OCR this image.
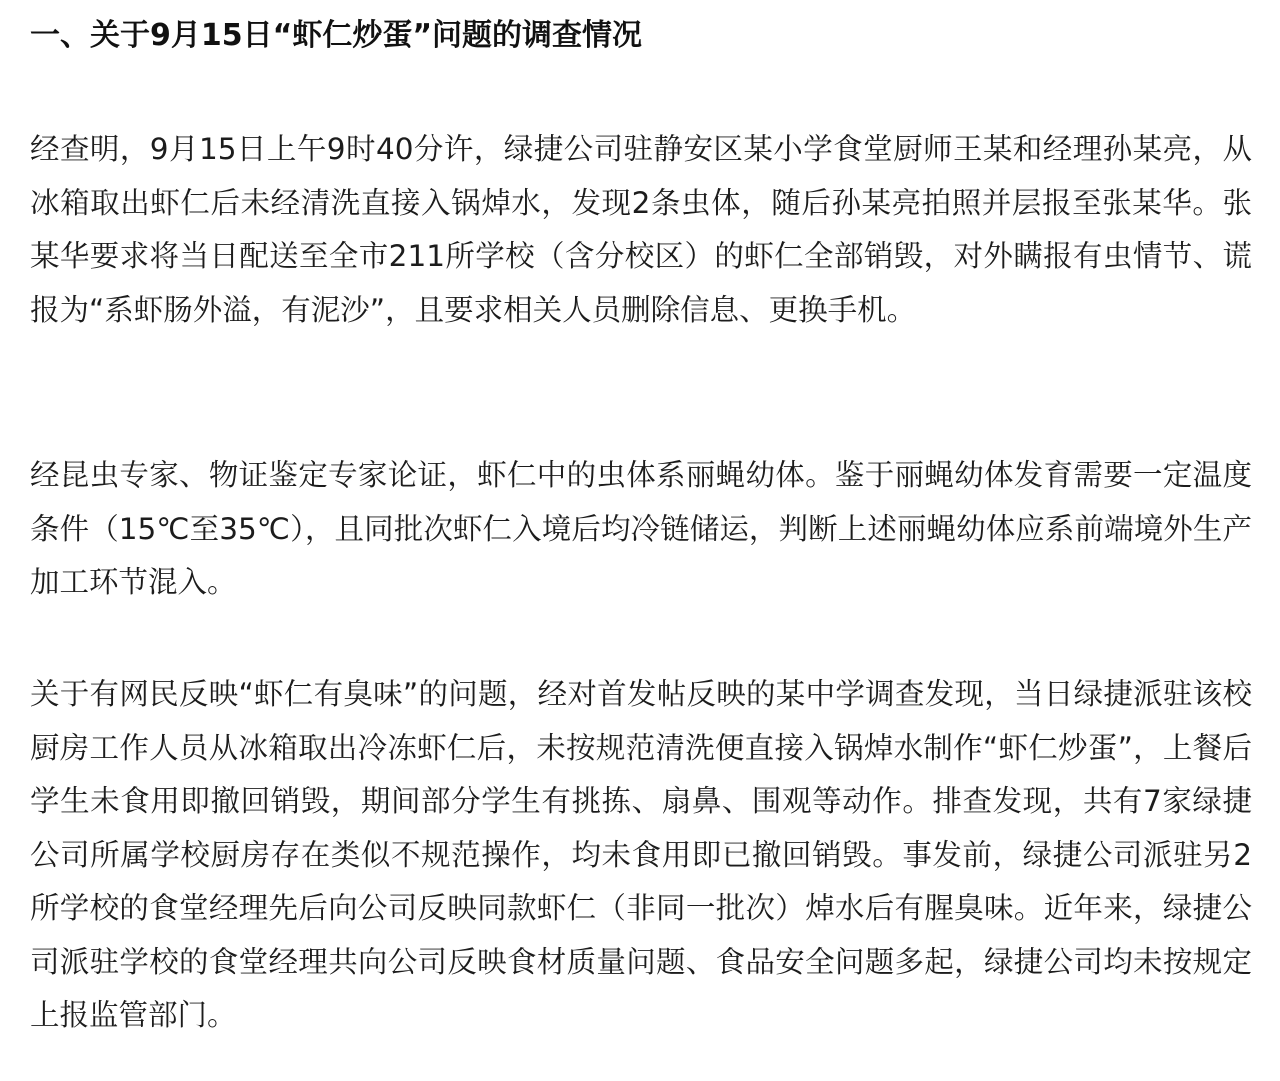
一、关于9月15日“虾仁炒蛋”问题的调查情况

经查明，9月15日上午9时40分许，绿捷公司驻静安区某小学食堂厨师王某和经理孙某亮，从冰箱取出虾仁后未经清洗直接入锅焯水，发现2条虫体，随后孙某亮拍照并层报至张某华。张某华要求将当日配送至全市211所学校（含分校区）的虾仁全部销毁，对外瞒报有虫情节、谎报为“系虾肠外溢，有泥沙”，且要求相关人员删除信息、更换手机。

经昆虫专家、物证鉴定专家论证，虾仁中的虫体系丽蝇幼体。鉴于丽蝇幼体发育需要一定温度条件（15℃至35℃），且同批次虾仁入境后均冷链储运，判断上述丽蝇幼体应系前端境外生产加工环节混入。

关于有网民反映“虾仁有臭味”的问题，经对首发帖反映的某中学调查发现，当日绿捷派驻该校厨房工作人员从冰箱取出冷冻虾仁后，未按规范清洗便直接入锅焯水制作“虾仁炒蛋”，上餐后学生未食用即撤回销毁，期间部分学生有挑拣、扇鼻、围观等动作。排查发现，共有7家绿捷公司所属学校厨房存在类似不规范操作，均未食用即已撤回销毁。事发前，绿捷公司派驻另2所学校的食堂经理先后向公司反映同款虾仁（非同一批次）焯水后有腥臭味。近年来，绿捷公司派驻学校的食堂经理共向公司反映食材质量问题、食品安全问题多起，绿捷公司均未按规定上报监管部门。
